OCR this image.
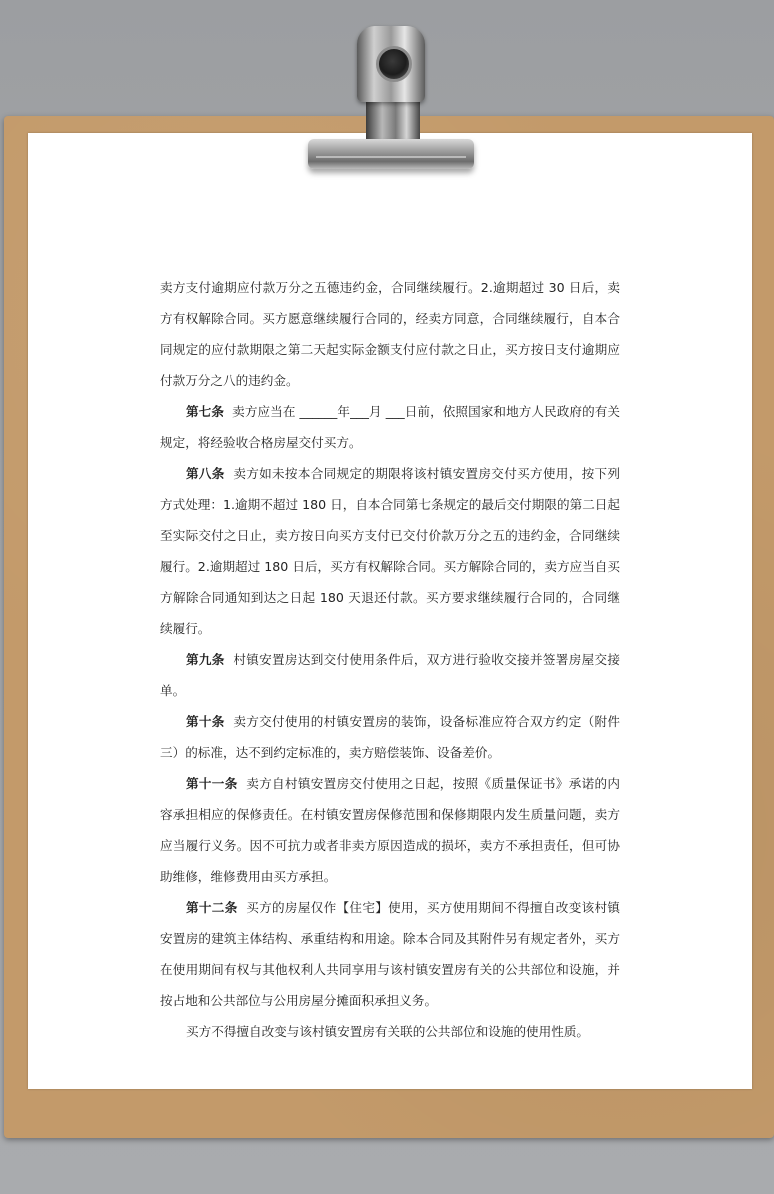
卖方支付逾期应付款万分之五德违约金，合同继续履行。2.逾期超过 30 日后，卖方有权解除合同。买方愿意继续履行合同的，经卖方同意，合同继续履行，自本合同规定的应付款期限之第二天起实际金额支付应付款之日止，买方按日支付逾期应付款万分之八的违约金。

第七条  卖方应当在 ______年___月 ___日前，依照国家和地方人民政府的有关规定，将经验收合格房屋交付买方。

第八条  卖方如未按本合同规定的期限将该村镇安置房交付买方使用，按下列方式处理：1.逾期不超过 180 日，自本合同第七条规定的最后交付期限的第二日起至实际交付之日止，卖方按日向买方支付已交付价款万分之五的违约金，合同继续履行。2.逾期超过 180 日后，买方有权解除合同。买方解除合同的，卖方应当自买方解除合同通知到达之日起 180 天退还付款。买方要求继续履行合同的，合同继续履行。

第九条  村镇安置房达到交付使用条件后，双方进行验收交接并签署房屋交接单。

第十条  卖方交付使用的村镇安置房的装饰，设备标准应符合双方约定（附件三）的标准，达不到约定标准的，卖方赔偿装饰、设备差价。

第十一条  卖方自村镇安置房交付使用之日起，按照《质量保证书》承诺的内容承担相应的保修责任。在村镇安置房保修范围和保修期限内发生质量问题，卖方应当履行义务。因不可抗力或者非卖方原因造成的损坏，卖方不承担责任，但可协助维修，维修费用由买方承担。

第十二条  买方的房屋仅作【住宅】使用，买方使用期间不得擅自改变该村镇安置房的建筑主体结构、承重结构和用途。除本合同及其附件另有规定者外，买方在使用期间有权与其他权利人共同享用与该村镇安置房有关的公共部位和设施，并按占地和公共部位与公用房屋分摊面积承担义务。

买方不得擅自改变与该村镇安置房有关联的公共部位和设施的使用性质。
